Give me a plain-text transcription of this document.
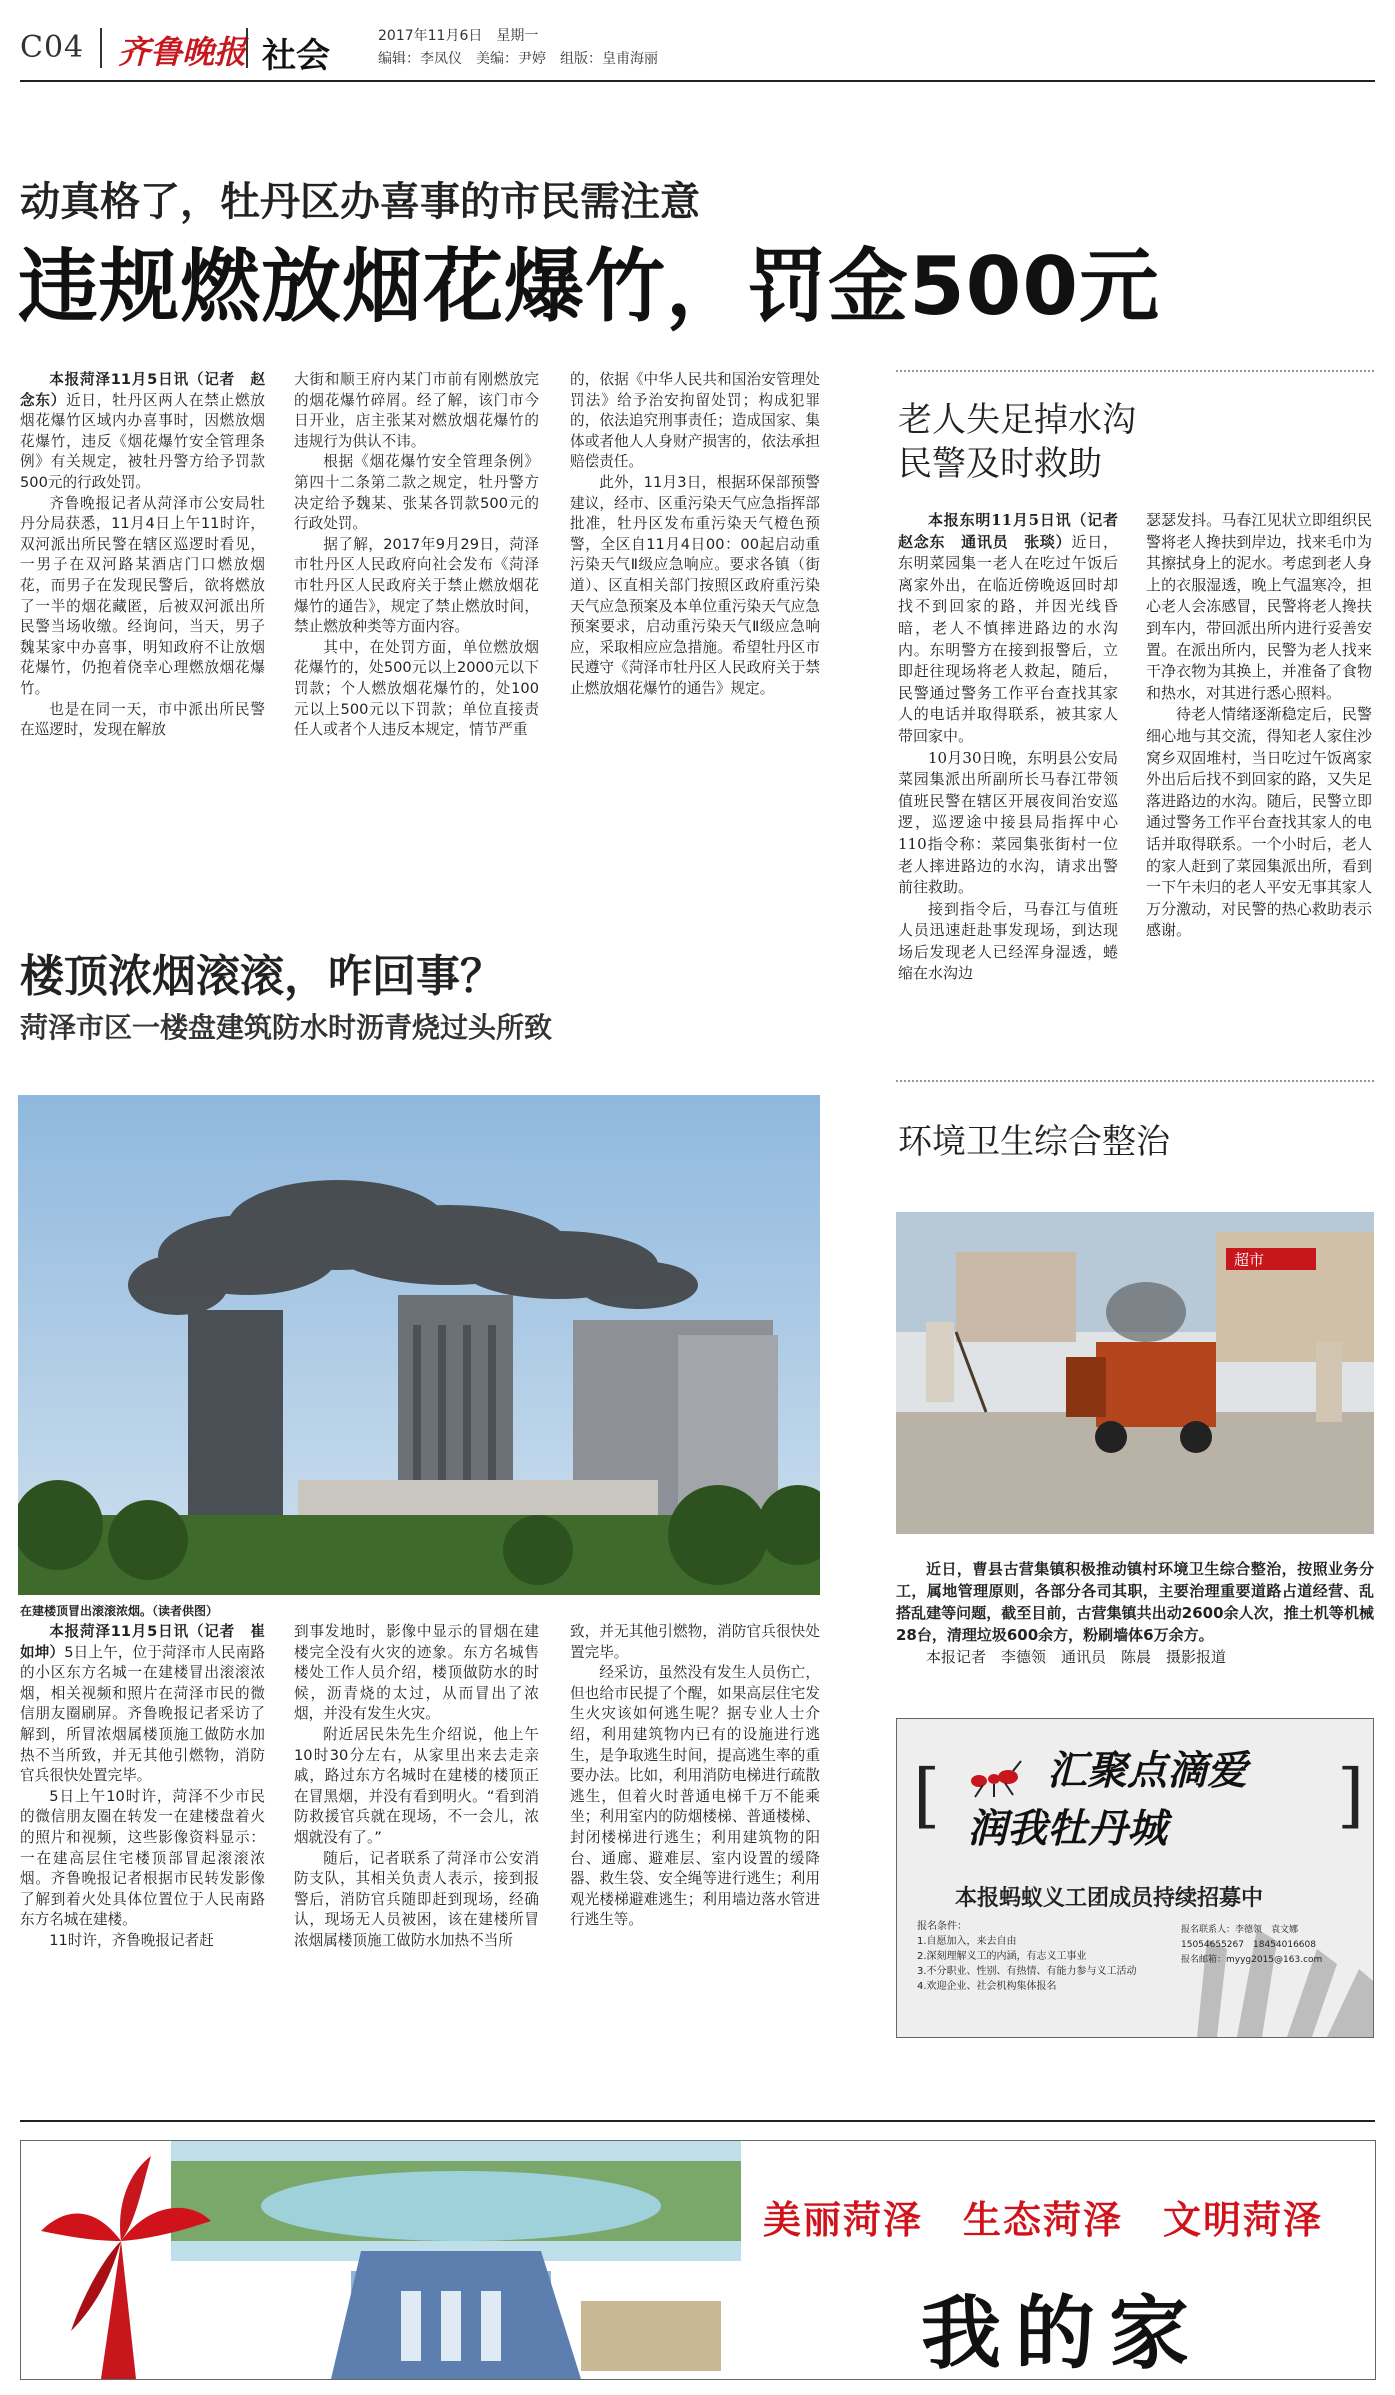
C04 齐鲁晚报 社会	2017年11月6日　星期一
编辑：李凤仪　美编：尹婷　组版：皇甫海丽
动真格了，牡丹区办喜事的市民需注意
违规燃放烟花爆竹，罚金500元

本报菏泽11月5日讯（记者　赵念东）近日，牡丹区两人在禁止燃放烟花爆竹区域内办喜事时，因燃放烟花爆竹，违反《烟花爆竹安全管理条例》有关规定，被牡丹警方给予罚款500元的行政处罚。

齐鲁晚报记者从菏泽市公安局牡丹分局获悉，11月4日上午11时许，双河派出所民警在辖区巡逻时看见，一男子在双河路某酒店门口燃放烟花，而男子在发现民警后，欲将燃放了一半的烟花藏匿，后被双河派出所民警当场收缴。经询问，当天，男子魏某家中办喜事，明知政府不让放烟花爆竹，仍抱着侥幸心理燃放烟花爆竹。

也是在同一天，市中派出所民警在巡逻时，发现在解放

大街和顺王府内某门市前有刚燃放完的烟花爆竹碎屑。经了解，该门市今日开业，店主张某对燃放烟花爆竹的违规行为供认不讳。

根据《烟花爆竹安全管理条例》第四十二条第二款之规定，牡丹警方决定给予魏某、张某各罚款500元的行政处罚。

据了解，2017年9月29日，菏泽市牡丹区人民政府向社会发布《菏泽市牡丹区人民政府关于禁止燃放烟花爆竹的通告》，规定了禁止燃放时间，禁止燃放种类等方面内容。

其中，在处罚方面，单位燃放烟花爆竹的，处500元以上2000元以下罚款；个人燃放烟花爆竹的，处100元以上500元以下罚款；单位直接责任人或者个人违反本规定，情节严重

的，依据《中华人民共和国治安管理处罚法》给予治安拘留处罚；构成犯罪的，依法追究刑事责任；造成国家、集体或者他人人身财产损害的，依法承担赔偿责任。

此外，11月3日，根据环保部预警建议，经市、区重污染天气应急指挥部批准，牡丹区发布重污染天气橙色预警，全区自11月4日00：00起启动重污染天气Ⅱ级应急响应。要求各镇（街道）、区直相关部门按照区政府重污染天气应急预案及本单位重污染天气应急预案要求，启动重污染天气Ⅱ级应急响应，采取相应应急措施。希望牡丹区市民遵守《菏泽市牡丹区人民政府关于禁止燃放烟花爆竹的通告》规定。

楼顶浓烟滚滚，咋回事？
菏泽市区一楼盘建筑防水时沥青烧过头所致
在建楼顶冒出滚滚浓烟。（读者供图）

本报菏泽11月5日讯（记者　崔如坤）5日上午，位于菏泽市人民南路的小区东方名城一在建楼冒出滚滚浓烟，相关视频和照片在菏泽市民的微信朋友圈刷屏。齐鲁晚报记者采访了解到，所冒浓烟属楼顶施工做防水加热不当所致，并无其他引燃物，消防官兵很快处置完毕。

5日上午10时许，菏泽不少市民的微信朋友圈在转发一在建楼盘着火的照片和视频，这些影像资料显示：一在建高层住宅楼顶部冒起滚滚浓烟。齐鲁晚报记者根据市民转发影像了解到着火处具体位置位于人民南路东方名城在建楼。

11时许，齐鲁晚报记者赶

到事发地时，影像中显示的冒烟在建楼完全没有火灾的迹象。东方名城售楼处工作人员介绍，楼顶做防水的时候，沥青烧的太过，从而冒出了浓烟，并没有发生火灾。

附近居民朱先生介绍说，他上午10时30分左右，从家里出来去走亲戚，路过东方名城时在建楼的楼顶正在冒黑烟，并没有看到明火。“看到消防救援官兵就在现场，不一会儿，浓烟就没有了。”

随后，记者联系了菏泽市公安消防支队，其相关负责人表示，接到报警后，消防官兵随即赶到现场，经确认，现场无人员被困，该在建楼所冒浓烟属楼顶施工做防水加热不当所

致，并无其他引燃物，消防官兵很快处置完毕。

经采访，虽然没有发生人员伤亡，但也给市民提了个醒，如果高层住宅发生火灾该如何逃生呢？据专业人士介绍，利用建筑物内已有的设施进行逃生，是争取逃生时间，提高逃生率的重要办法。比如，利用消防电梯进行疏散逃生，但着火时普通电梯千万不能乘坐；利用室内的防烟楼梯、普通楼梯、封闭楼梯进行逃生；利用建筑物的阳台、通廊、避难层、室内设置的缓降器、救生袋、安全绳等进行逃生；利用观光楼梯避难逃生；利用墙边落水管进行逃生等。

老人失足掉水沟
民警及时救助

本报东明11月5日讯（记者　赵念东　通讯员　张琰）近日，东明菜园集一老人在吃过午饭后离家外出，在临近傍晚返回时却找不到回家的路，并因光线昏暗，老人不慎摔进路边的水沟内。东明警方在接到报警后，立即赶往现场将老人救起，随后，民警通过警务工作平台查找其家人的电话并取得联系，被其家人带回家中。

10月30日晚，东明县公安局菜园集派出所副所长马春江带领值班民警在辖区开展夜间治安巡逻，巡逻途中接县局指挥中心110指令称：菜园集张街村一位老人摔进路边的水沟，请求出警前往救助。

接到指令后，马春江与值班人员迅速赶赴事发现场，到达现场后发现老人已经浑身湿透，蜷缩在水沟边

瑟瑟发抖。马春江见状立即组织民警将老人搀扶到岸边，找来毛巾为其擦拭身上的泥水。考虑到老人身上的衣服湿透，晚上气温寒冷，担心老人会冻感冒，民警将老人搀扶到车内，带回派出所内进行妥善安置。在派出所内，民警为老人找来干净衣物为其换上，并准备了食物和热水，对其进行悉心照料。

待老人情绪逐渐稳定后，民警细心地与其交流，得知老人家住沙窝乡双固堆村，当日吃过午饭离家外出后后找不到回家的路，又失足落进路边的水沟。随后，民警立即通过警务工作平台查找其家人的电话并取得联系。一个小时后，老人的家人赶到了菜园集派出所，看到一下午未归的老人平安无事其家人万分激动，对民警的热心救助表示感谢。

环境卫生综合整治
超市
近日，曹县古营集镇积极推动镇村环境卫生综合整治，按照业务分工，属地管理原则，各部分各司其职，主要治理重要道路占道经营、乱搭乱建等问题，截至目前，古营集镇共出动2600余人次，推土机等机械28台，清理垃圾600余方，粉刷墙体6万余方。
本报记者　李德领　通讯员　陈晨　摄影报道
[	]
汇聚点滴爱
润我牡丹城
本报蚂蚁义工团成员持续招募中
报名条件：
1.自愿加入，来去自由
2.深刻理解义工的内涵，有志义工事业
3.不分职业、性别、有热情、有能力参与义工活动
4.欢迎企业、社会机构集体报名
报名联系人：李德领　袁文娜
15054655267　18454016608
报名邮箱：myyg2015@163.com
美丽菏泽　生态菏泽　文明菏泽
我的家
